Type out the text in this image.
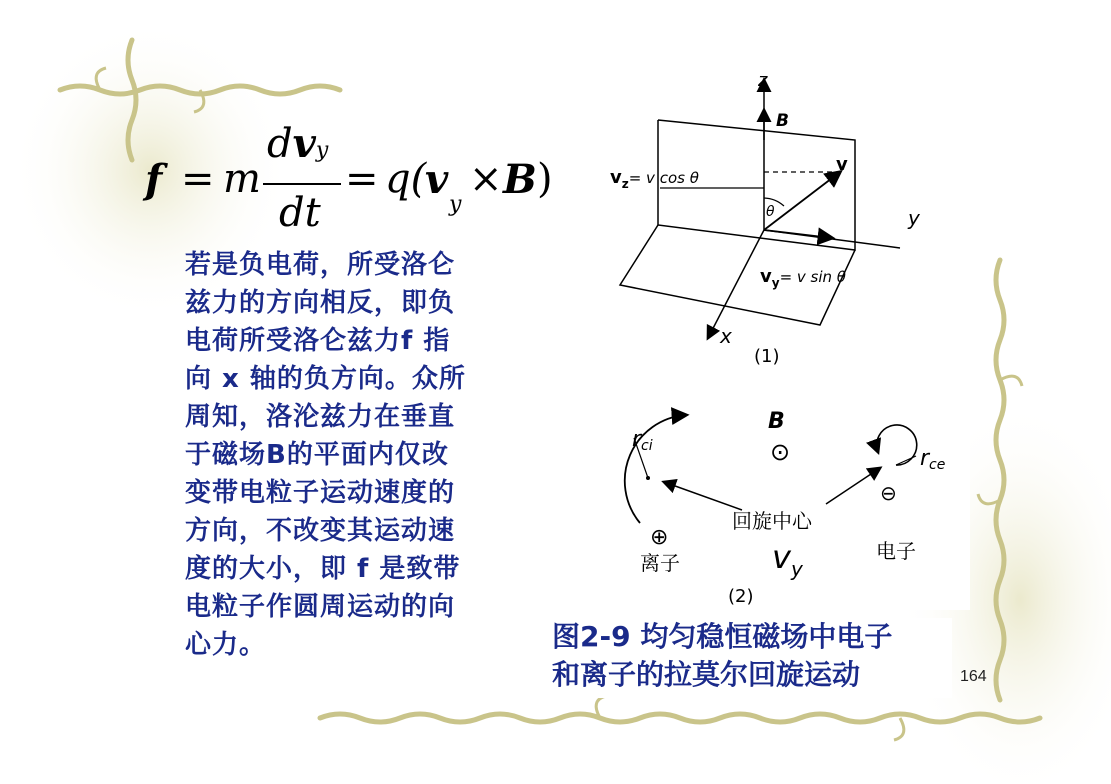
f = m
dvy
dt
= q(
v
y
× B )
若是负电荷，所受洛仑
兹力的方向相反，即负
电荷所受洛仑兹力f 指
向 x 轴的负方向。众所
周知，洛沦兹力在垂直
于磁场B的平面内仅改
变带电粒子运动速度的
方向，不改变其运动速
度的大小，即 f 是致带
电粒子作圆周运动的向
心力。
z
y
x
B
$v_z^{= v cos \theta}$
v
θ
$v_y^{= v sin \theta}$
(1)
B
⊙
rci	rce
回旋中心
⊕
离子
⊖
电子
$v_y$
(2)
图2-9 均匀稳恒磁场中电子
和离子的拉莫尔回旋运动	164
